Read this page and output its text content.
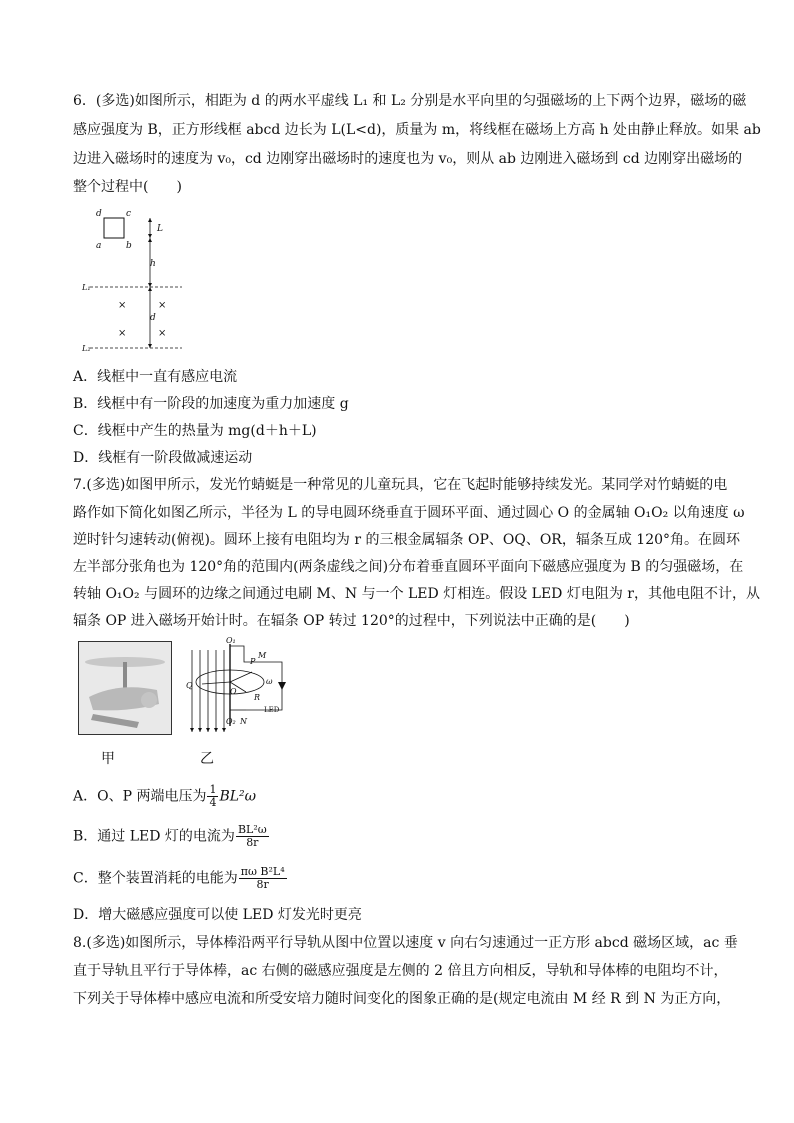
6．(多选)如图所示，相距为 d 的两水平虚线 L₁ 和 L₂ 分别是水平向里的匀强磁场的上下两个边界，磁场的磁
感应强度为 B，正方形线框 abcd 边长为 L(L<d)，质量为 m，将线框在磁场上方高 h 处由静止释放。如果 ab
边进入磁场时的速度为 v₀，cd 边刚穿出磁场时的速度也为 v₀，则从 ab 边刚进入磁场到 cd 边刚穿出磁场的
整个过程中(　　)
d	c
a	b
L
h
d
L₁
L₂
×	×
×	×
A．线框中一直有感应电流
B．线框中有一阶段的加速度为重力加速度 g
C．线框中产生的热量为 mg(d＋h＋L)
D．线框有一阶段做减速运动
7.(多选)如图甲所示，发光竹蜻蜓是一种常见的儿童玩具，它在飞起时能够持续发光。某同学对竹蜻蜓的电
路作如下简化如图乙所示，半径为 L 的导电圆环绕垂直于圆环平面、通过圆心 O 的金属轴 O₁O₂ 以角速度 ω
逆时针匀速转动(俯视)。圆环上接有电阻均为 r 的三根金属辐条 OP、OQ、OR，辐条互成 120°角。在圆环
左半部分张角也为 120°角的范围内(两条虚线之间)分布着垂直圆环平面向下磁感应强度为 B 的匀强磁场，在
转轴 O₁O₂ 与圆环的边缘之间通过电刷 M、N 与一个 LED 灯相连。假设 LED 灯电阻为 r，其他电阻不计，从
辐条 OP 进入磁场开始计时。在辐条 OP 转过 120°的过程中，下列说法中正确的是(　　)
O₁
P
M
Q
O
R
ω
O₂ N
LED
甲	乙
A．O、P 两端电压为 $\frac{1}{4} BL^2\omega$
B．通过 LED 灯的电流为 $\frac{\text{BL²ω}}{8r}$
C．整个装置消耗的电能为 $\frac{\text{πω B²L⁴}}{8r}$
D．增大磁感应强度可以使 LED 灯发光时更亮
8.(多选)如图所示，导体棒沿两平行导轨从图中位置以速度 v 向右匀速通过一正方形 abcd 磁场区域，ac 垂
直于导轨且平行于导体棒，ac 右侧的磁感应强度是左侧的 2 倍且方向相反，导轨和导体棒的电阻均不计，
下列关于导体棒中感应电流和所受安培力随时间变化的图象正确的是(规定电流由 M 经 R 到 N 为正方向，
